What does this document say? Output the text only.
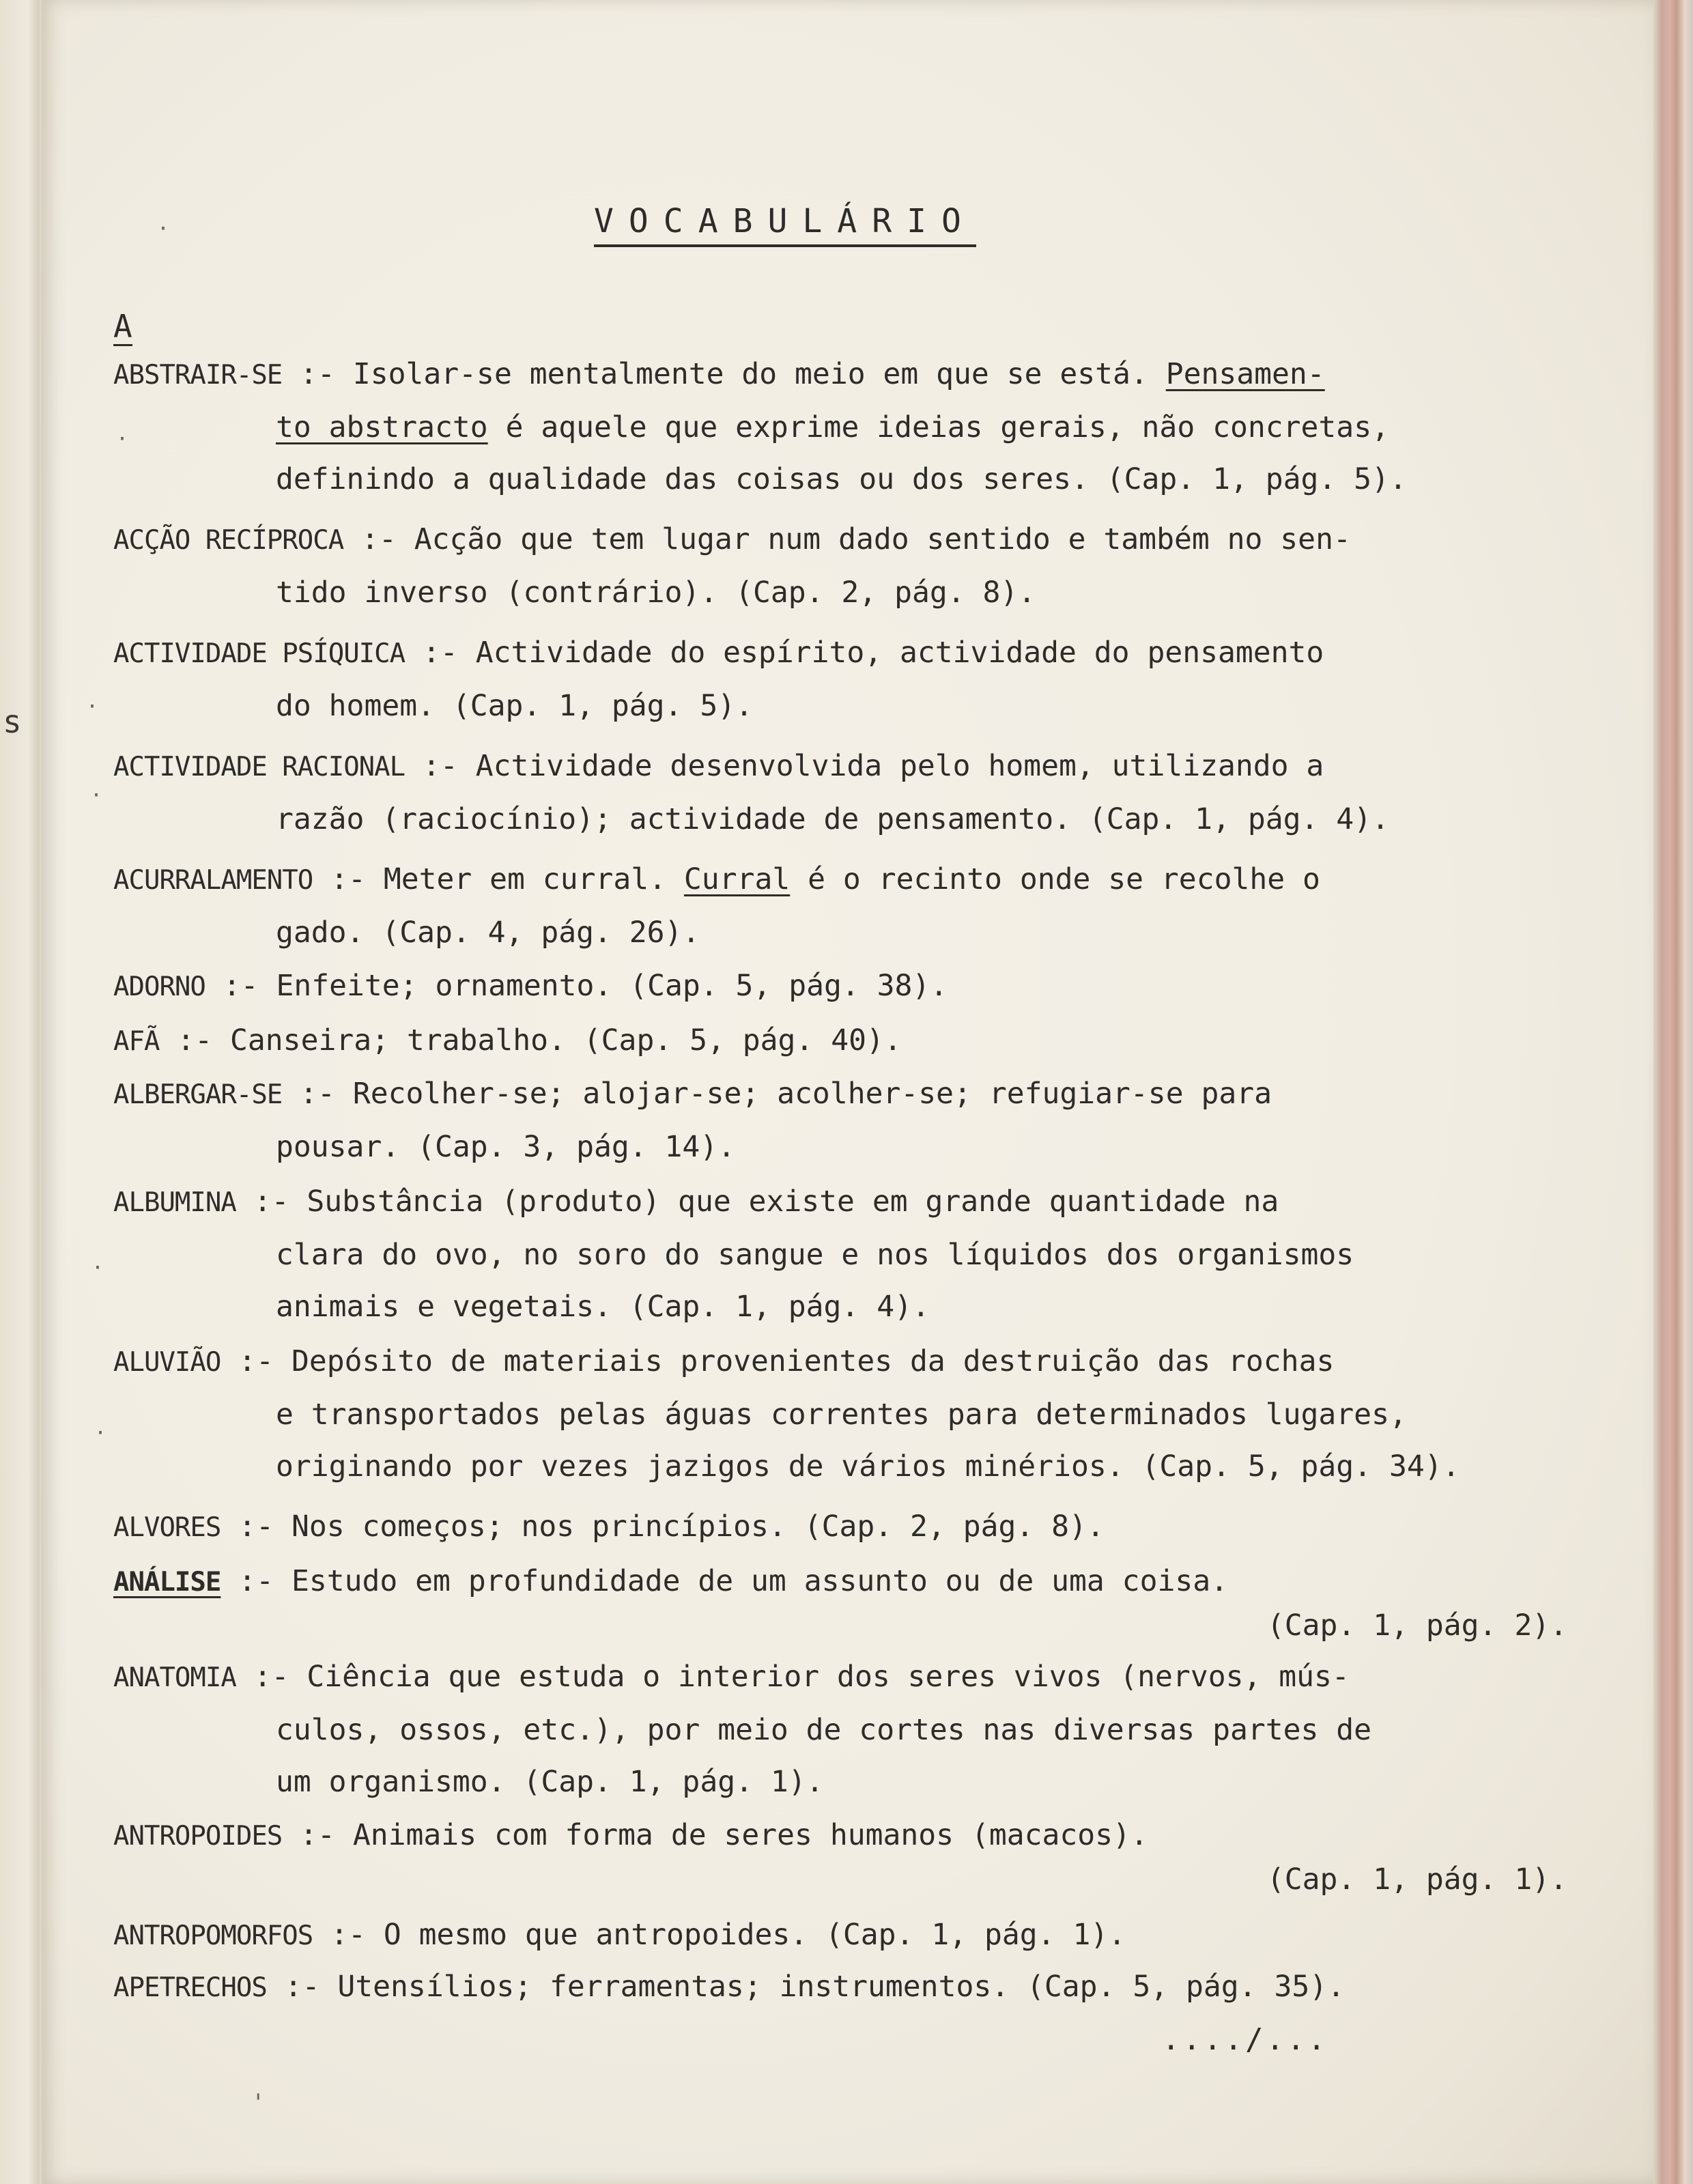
s
·
·
·
·
·
·
VOCABULÁRIO
A
ABSTRAIR-SE :- Isolar-se mentalmente do meio em que se está. Pensamen-
to abstracto é aquele que exprime ideias gerais, não concretas,
definindo a qualidade das coisas ou dos seres. (Cap. 1, pág. 5).
ACÇÃO RECÍPROCA :- Acção que tem lugar num dado sentido e também no sen-
tido inverso (contrário). (Cap. 2, pág. 8).
ACTIVIDADE PSÍQUICA :- Actividade do espírito, actividade do pensamento
do homem. (Cap. 1, pág. 5).
ACTIVIDADE RACIONAL :- Actividade desenvolvida pelo homem, utilizando a
razão (raciocínio); actividade de pensamento. (Cap. 1, pág. 4).
ACURRALAMENTO :- Meter em curral. Curral é o recinto onde se recolhe o
gado. (Cap. 4, pág. 26).
ADORNO :- Enfeite; ornamento. (Cap. 5, pág. 38).
AFÃ :- Canseira; trabalho. (Cap. 5, pág. 40).
ALBERGAR-SE :- Recolher-se; alojar-se; acolher-se; refugiar-se para
pousar. (Cap. 3, pág. 14).
ALBUMINA :- Substância (produto) que existe em grande quantidade na
clara do ovo, no soro do sangue e nos líquidos dos organismos
animais e vegetais. (Cap. 1, pág. 4).
ALUVIÃO :- Depósito de materiais provenientes da destruição das rochas
e transportados pelas águas correntes para determinados lugares,
originando por vezes jazigos de vários minérios. (Cap. 5, pág. 34).
ALVORES :- Nos começos; nos princípios. (Cap. 2, pág. 8).
ANÁLISE :- Estudo em profundidade de um assunto ou de uma coisa.
(Cap. 1, pág. 2).
ANATOMIA :- Ciência que estuda o interior dos seres vivos (nervos, mús-
culos, ossos, etc.), por meio de cortes nas diversas partes de
um organismo. (Cap. 1, pág. 1).
ANTROPOIDES :- Animais com forma de seres humanos (macacos).
(Cap. 1, pág. 1).
ANTROPOMORFOS :- O mesmo que antropoides. (Cap. 1, pág. 1).
APETRECHOS :- Utensílios; ferramentas; instrumentos. (Cap. 5, pág. 35).
..../...
'
